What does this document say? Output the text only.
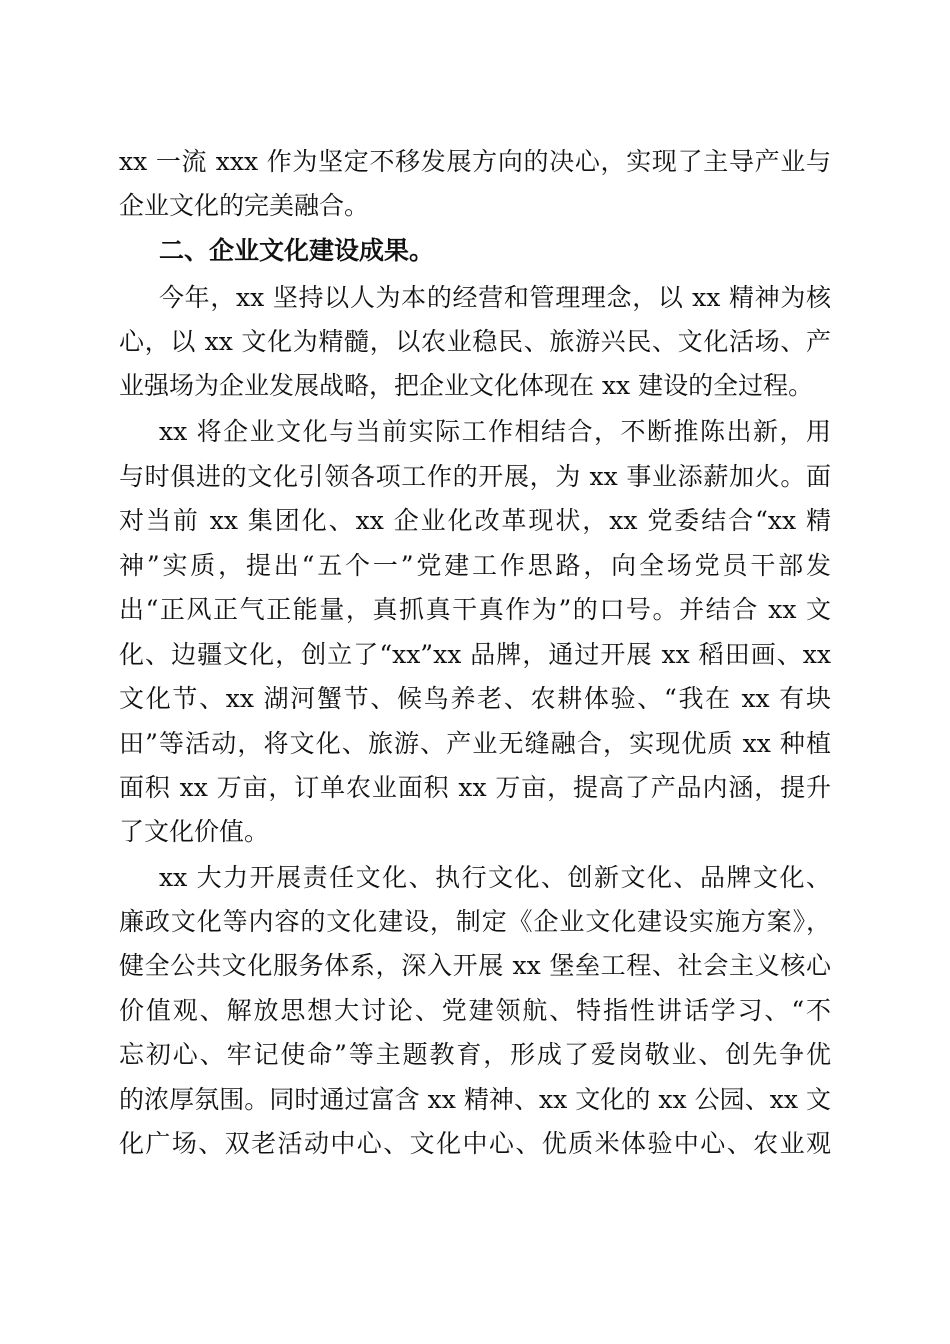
xx 一流 xxx 作为坚定不移发展方向的决心，实现了主导产业与
企业文化的完美融合。
二、企业文化建设成果。
今年，xx 坚持以人为本的经营和管理理念，以 xx 精神为核
心，以 xx 文化为精髓，以农业稳民、旅游兴民、文化活场、产
业强场为企业发展战略，把企业文化体现在 xx 建设的全过程。
xx 将企业文化与当前实际工作相结合，不断推陈出新，用
与时俱进的文化引领各项工作的开展，为 xx 事业添薪加火。面
对当前 xx 集团化、xx 企业化改革现状，xx 党委结合“xx 精
神”实质，提出“五个一”党建工作思路，向全场党员干部发
出“正风正气正能量，真抓真干真作为”的口号。并结合 xx 文
化、边疆文化，创立了“xx”xx 品牌，通过开展 xx 稻田画、xx
文化节、xx 湖河蟹节、候鸟养老、农耕体验、“我在 xx 有块
田”等活动，将文化、旅游、产业无缝融合，实现优质 xx 种植
面积 xx 万亩，订单农业面积 xx 万亩，提高了产品内涵，提升
了文化价值。
xx 大力开展责任文化、执行文化、创新文化、品牌文化、
廉政文化等内容的文化建设，制定《企业文化建设实施方案》，
健全公共文化服务体系，深入开展 xx 堡垒工程、社会主义核心
价值观、解放思想大讨论、党建领航、特指性讲话学习、“不
忘初心、牢记使命”等主题教育，形成了爱岗敬业、创先争优
的浓厚氛围。同时通过富含 xx 精神、xx 文化的 xx 公园、xx 文
化广场、双老活动中心、文化中心、优质米体验中心、农业观
